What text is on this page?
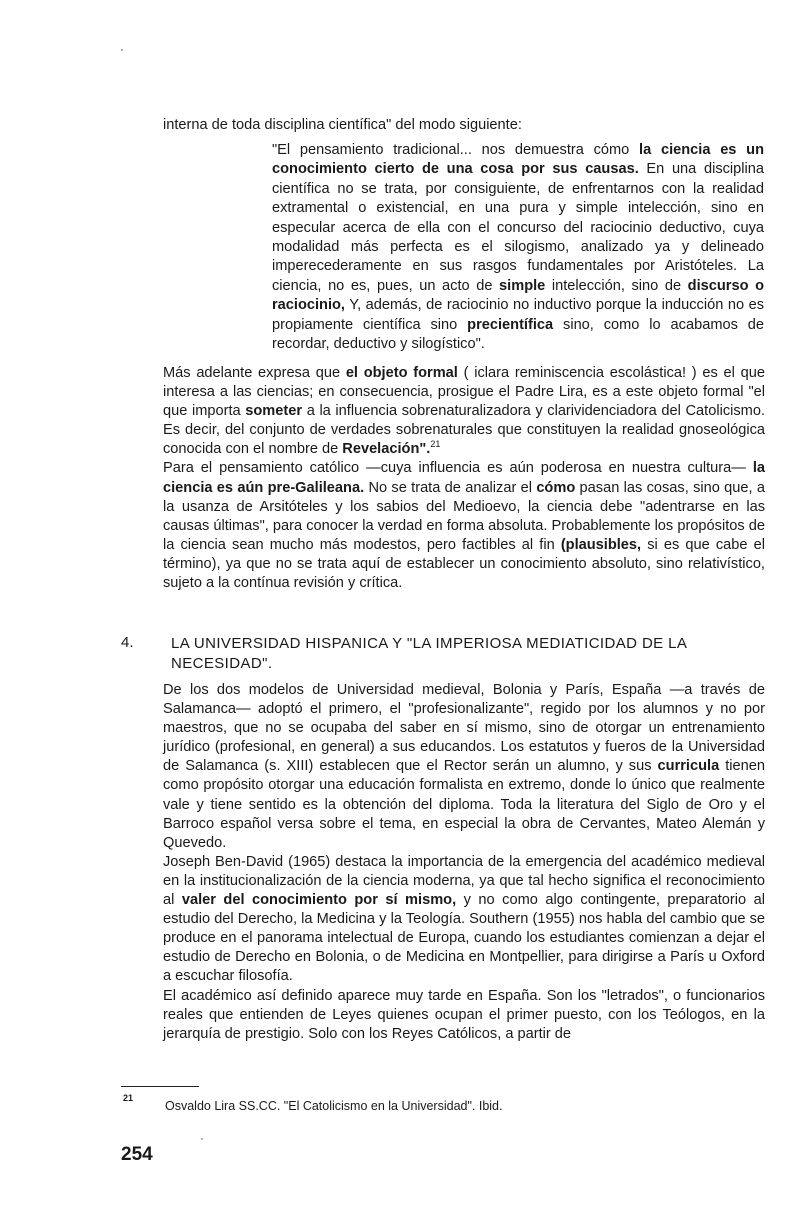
interna de toda disciplina científica" del modo siguiente:

"El pensamiento tradicional... nos demuestra cómo la ciencia es un conocimiento cierto de una cosa por sus causas. En una disciplina científica no se trata, por consiguiente, de enfrentarnos con la realidad extramental o existencial, en una pura y simple intelección, sino en especular acerca de ella con el concurso del raciocinio deductivo, cuya modalidad más perfecta es el silogismo, analizado ya y delineado imperecederamente en sus rasgos fundamentales por Aristóteles. La ciencia, no es, pues, un acto de simple intelección, sino de discurso o raciocinio, Y, además, de raciocinio no inductivo porque la inducción no es propiamente científica sino precientífica sino, como lo acabamos de recordar, deductivo y silogístico".

Más adelante expresa que el objeto formal ( iclara reminiscencia escolástica! ) es el que interesa a las ciencias; en consecuencia, prosigue el Padre Lira, es a este objeto formal "el que importa someter a la influencia sobrenaturalizadora y clarividenciadora del Catolicismo. Es decir, del conjunto de verdades sobrenaturales que constituyen la realidad gnoseológica conocida con el nombre de Revelación".$^{21}$
Para el pensamiento católico —cuya influencia es aún poderosa en nuestra cultura— la ciencia es aún pre-Galileana. No se trata de analizar el cómo pasan las cosas, sino que, a la usanza de Arsitóteles y los sabios del Medioevo, la ciencia debe "adentrarse en las causas últimas", para conocer la verdad en forma absoluta. Probablemente los propósitos de la ciencia sean mucho más modestos, pero factibles al fin (plausibles, si es que cabe el término), ya que no se trata aquí de establecer un conocimiento absoluto, sino relativístico, sujeto a la contínua revisión y crítica.
4. LA UNIVERSIDAD HISPANICA Y "LA IMPERIOSA MEDIATICIDAD DE LA NECESIDAD".

De los dos modelos de Universidad medieval, Bolonia y París, España —a través de Salamanca— adoptó el primero, el "profesionalizante", regido por los alumnos y no por maestros, que no se ocupaba del saber en sí mismo, sino de otorgar un entrenamiento jurídico (profesional, en general) a sus educandos. Los estatutos y fueros de la Universidad de Salamanca (s. XIII) establecen que el Rector serán un alumno, y sus curricula tienen como propósito otorgar una educación formalista en extremo, donde lo único que realmente vale y tiene sentido es la obtención del diploma. Toda la literatura del Siglo de Oro y el Barroco español versa sobre el tema, en especial la obra de Cervantes, Mateo Alemán y Quevedo.
Joseph Ben-David (1965) destaca la importancia de la emergencia del académico medieval en la institucionalización de la ciencia moderna, ya que tal hecho significa el reconocimiento al valer del conocimiento por sí mismo, y no como algo contingente, preparatorio al estudio del Derecho, la Medicina y la Teología. Southern (1955) nos habla del cambio que se produce en el panorama intelectual de Europa, cuando los estudiantes comienzan a dejar el estudio de Derecho en Bolonia, o de Medicina en Montpellier, para dirigirse a París u Oxford a escuchar filosofía.
El académico así definido aparece muy tarde en España. Son los "letrados", o funcionarios reales que entienden de Leyes quienes ocupan el primer puesto, con los Teólogos, en la jerarquía de prestigio. Solo con los Reyes Católicos, a partir de
21

Osvaldo Lira SS.CC. "El Catolicismo en la Universidad". Ibid.

254
